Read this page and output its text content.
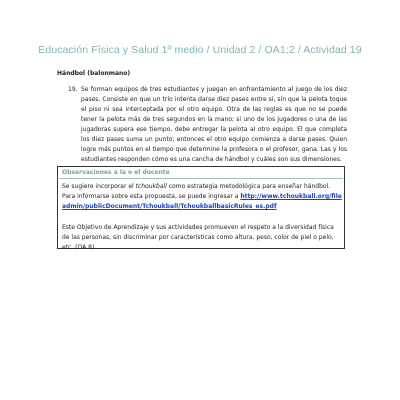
Educación Física y Salud 1º medio / Unidad 2 / OA1;2 / Actividad 19
Hándbol (balonmano)
19. Se forman equipos de tres estudiantes y juegan en enfrentamiento al juego de los diez pases. Consiste en que un trío intenta darse diez pases entre sí, sin que la pelota toque el piso ni sea interceptada por el otro equipo. Otra de las reglas es que no se puede tener la pelota más de tres segundos en la mano; si uno de los jugadores o una de las jugadoras supera ese tiempo, debe entregar la pelota al otro equipo. El que completa los diez pases suma un punto; entonces el otro equipo comienza a darse pases. Quien logre más puntos en el tiempo que determine la profesora o el profesor, gana. Las y los estudiantes responden cómo es una cancha de hándbol y cuáles son sus dimensiones.
Observaciones a la o el docente
Se sugiere incorporar el tchoukball como estrategia metodológica para enseñar hándbol. Para informarse sobre esta propuesta, se puede ingresar a http://www.tchoukball.org/fileadmin/publicDocument/Tchoukball/TchoukballbasicRules_es.pdf
Este Objetivo de Aprendizaje y sus actividades promueven el respeto a la diversidad física de las personas, sin discriminar por características como altura, peso, color de piel o pelo, etc. (OA 8)
